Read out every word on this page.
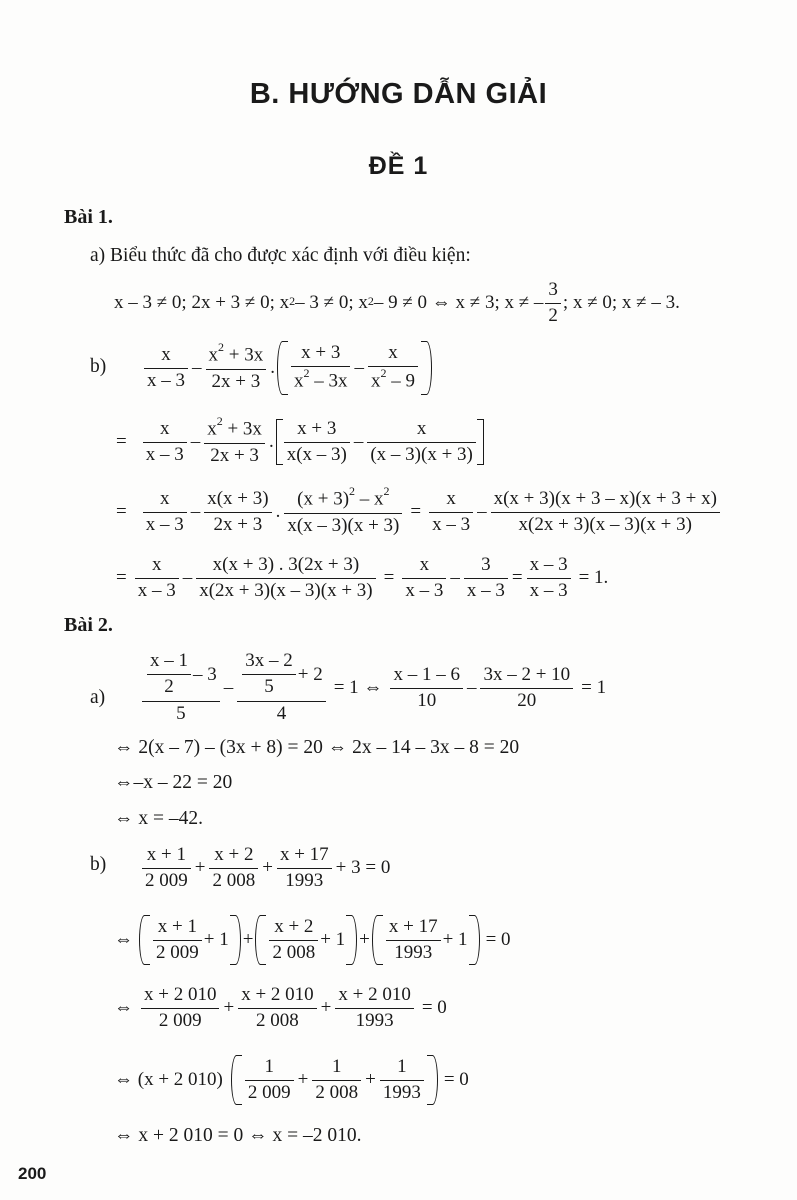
B. HƯỚNG DẪN GIẢI
ĐỀ 1
Bài 1.
a) Biểu thức đã cho được xác định với điều kiện:
x – 3 ≠ 0; 2x + 3 ≠ 0; x 2 – 3 ≠ 0; x 2 – 9 ≠ 0 ⇔ x ≠ 3; x ≠ –
3
2
; x ≠ 0; x ≠ – 3.
b)
x
x – 3
–
$x^2 + 3x$
2x + 3
.
x + 3
$x^2 - 3x$
–
x
$x^2 - 9$
= $\frac{x}{x - 3}$ –
$x^2 + 3x$
2x + 3
.
x + 3
x(x – 3)
–
x
(x – 3)(x + 3)
= $\frac{x}{x - 3}$ –
x(x + 3)
2x + 3
. $\frac{(x + 3)^2 - x^2}{x(x - 3)(x + 3)} = \frac{x}{x - 3}$ –
x(x + 3)(x + 3 – x)(x + 3 + x)
x(2x + 3)(x – 3)(x + 3)
= $\frac{x}{x - 3} - \frac{x(x + 3) . 3(2x + 3)}{x(2x + 3)(x - 3)(x + 3)} = \frac{x}{x - 3} - \frac{3}{x - 3} = \frac{x - 3}{x - 3} = 1$.
Bài 2.
a)
x – 1
2
– 3
5
– 3x – 2
5
+ 2
4 = 1 ⇔
x – 1 – 6
10
– $\frac{3x - 2 + 10}{20} = 1$
⇔ 2(x – 7) – (3x + 8) = 20 ⇔ 2x – 14 – 3x – 8 = 20
⇔–x – 22 = 20
⇔ x = –42.
b) x + 1
2 009
+ $\frac{x + 2}{2 008} + \frac{x + 17}{1993} + 3 = 0$
⇔
x + 1
2 009
+ 1 +
x + 2
2 008
+ 1 +
x + 17
1993
+ 1 = 0
⇔
x + 2 010
2 009
+ $\frac{x + 2 010}{2 008} + \frac{x + 2 010}{1993} = 0$
⇔ (x + 2 010)
1
2 009
+ $\frac{1}{2 008} + \frac{1}{1993} = 0$
⇔ x + 2 010 = 0 ⇔ x = –2 010.
200
